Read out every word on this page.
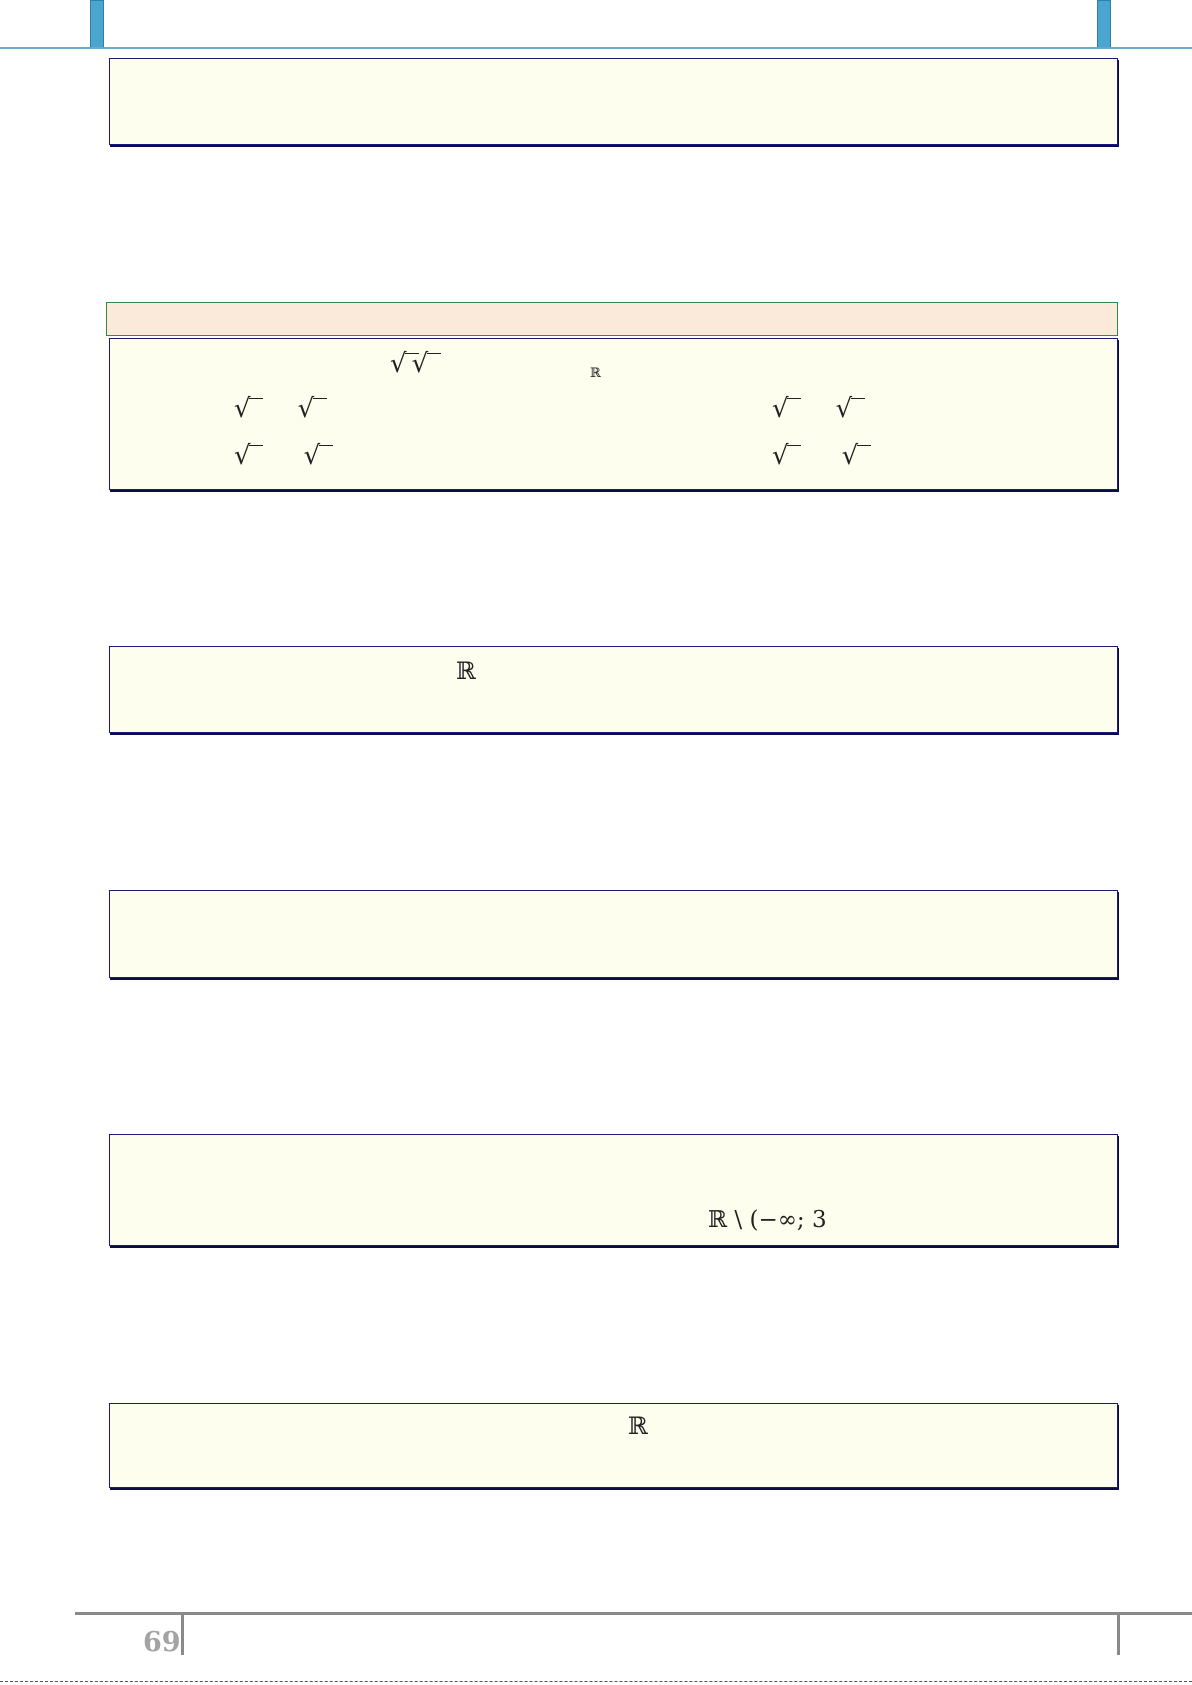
√ √	ℝ
√ √	√ √
√ √	√ √
ℝ
ℝ \ (−∞; 3
ℝ
69
